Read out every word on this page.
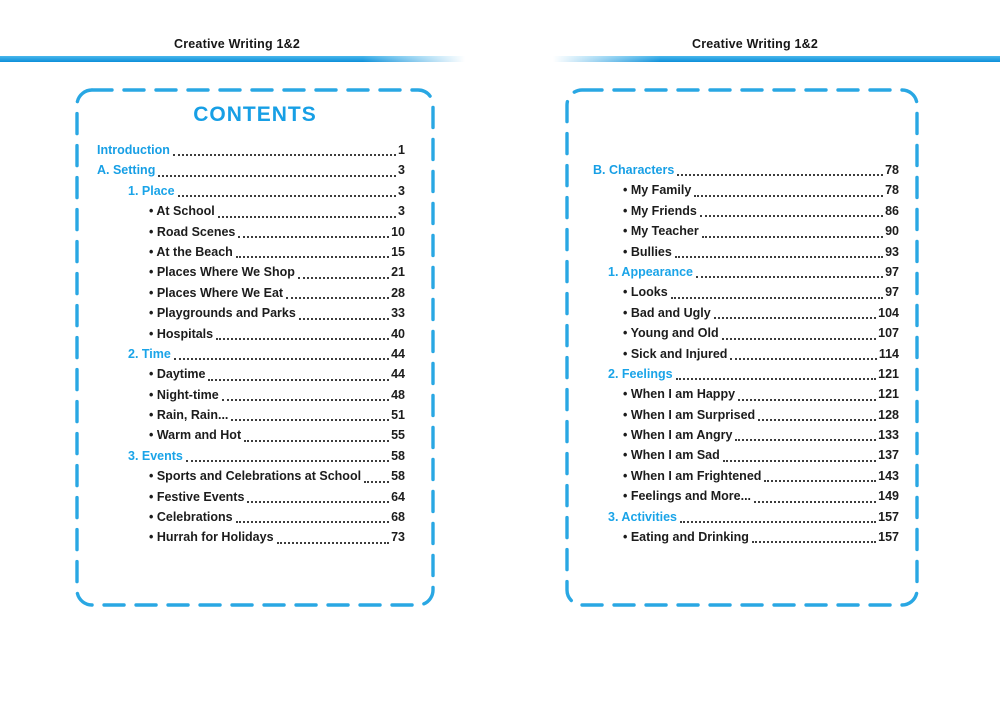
Creative Writing 1&2	Creative Writing 1&2
CONTENTS
Introduction	1
A. Setting	3
1. Place	3
• At School	3
• Road Scenes	10
• At the Beach	15
• Places Where We Shop	21
• Places Where We Eat	28
• Playgrounds and Parks	33
• Hospitals	40
2. Time	44
• Daytime	44
• Night-time	48
• Rain, Rain...	51
• Warm and Hot	55
3. Events	58
• Sports and Celebrations at School 58
• Festive Events	64
• Celebrations	68
• Hurrah for Holidays	73
B. Characters	78
• My Family	78
• My Friends	86
• My Teacher	90
• Bullies	93
1. Appearance	97
• Looks	97
• Bad and Ugly	104
• Young and Old	107
• Sick and Injured	114
2. Feelings	121
• When I am Happy	121
• When I am Surprised	128
• When I am Angry	133
• When I am Sad	137
• When I am Frightened	143
• Feelings and More...	149
3. Activities	157
• Eating and Drinking	157
